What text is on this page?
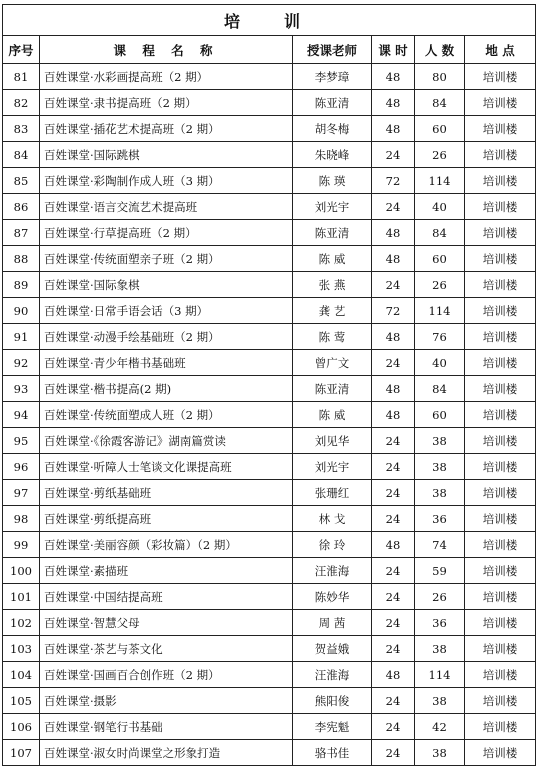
培　训					
序号	课 程 名 称	授课老师	课 时	人 数	地 点
81	百姓课堂·水彩画提高班（2 期）	李梦璋	48	80	培训楼
82	百姓课堂·隶书提高班（2 期）	陈亚清	48	84	培训楼
83	百姓课堂·插花艺术提高班（2 期）	胡冬梅	48	60	培训楼
84	百姓课堂·国际跳棋	朱晓峰	24	26	培训楼
85	百姓课堂·彩陶制作成人班（3 期）	陈 瑛	72	114	培训楼
86	百姓课堂·语言交流艺术提高班	刘光宇	24	40	培训楼
87	百姓课堂·行草提高班（2 期）	陈亚清	48	84	培训楼
88	百姓课堂·传统面塑亲子班（2 期）	陈 威	48	60	培训楼
89	百姓课堂·国际象棋	张 燕	24	26	培训楼
90	百姓课堂·日常手语会话（3 期）	龚 艺	72	114	培训楼
91	百姓课堂·动漫手绘基础班（2 期）	陈 莺	48	76	培训楼
92	百姓课堂·青少年楷书基础班	曾广文	24	40	培训楼
93	百姓课堂·楷书提高(2 期)	陈亚清	48	84	培训楼
94	百姓课堂·传统面塑成人班（2 期）	陈 威	48	60	培训楼
95	百姓课堂·《徐霞客游记》湖南篇赏读	刘见华	24	38	培训楼
96	百姓课堂·听障人士笔谈文化课提高班	刘光宇	24	38	培训楼
97	百姓课堂·剪纸基础班	张珊红	24	38	培训楼
98	百姓课堂·剪纸提高班	林 戈	24	36	培训楼
99	百姓课堂·美丽容颜（彩妆篇）（2 期）	徐 玲	48	74	培训楼
100	百姓课堂·素描班	汪淮海	24	59	培训楼
101	百姓课堂·中国结提高班	陈妙华	24	26	培训楼
102	百姓课堂·智慧父母	周 茜	24	36	培训楼
103	百姓课堂·茶艺与茶文化	贺益娥	24	38	培训楼
104	百姓课堂·国画百合创作班（2 期）	汪淮海	48	114	培训楼
105	百姓课堂·摄影	熊阳俊	24	38	培训楼
106	百姓课堂·钢笔行书基础	李宪魁	24	42	培训楼
107	百姓课堂·淑女时尚课堂之形象打造	骆书佳	24	38	培训楼
